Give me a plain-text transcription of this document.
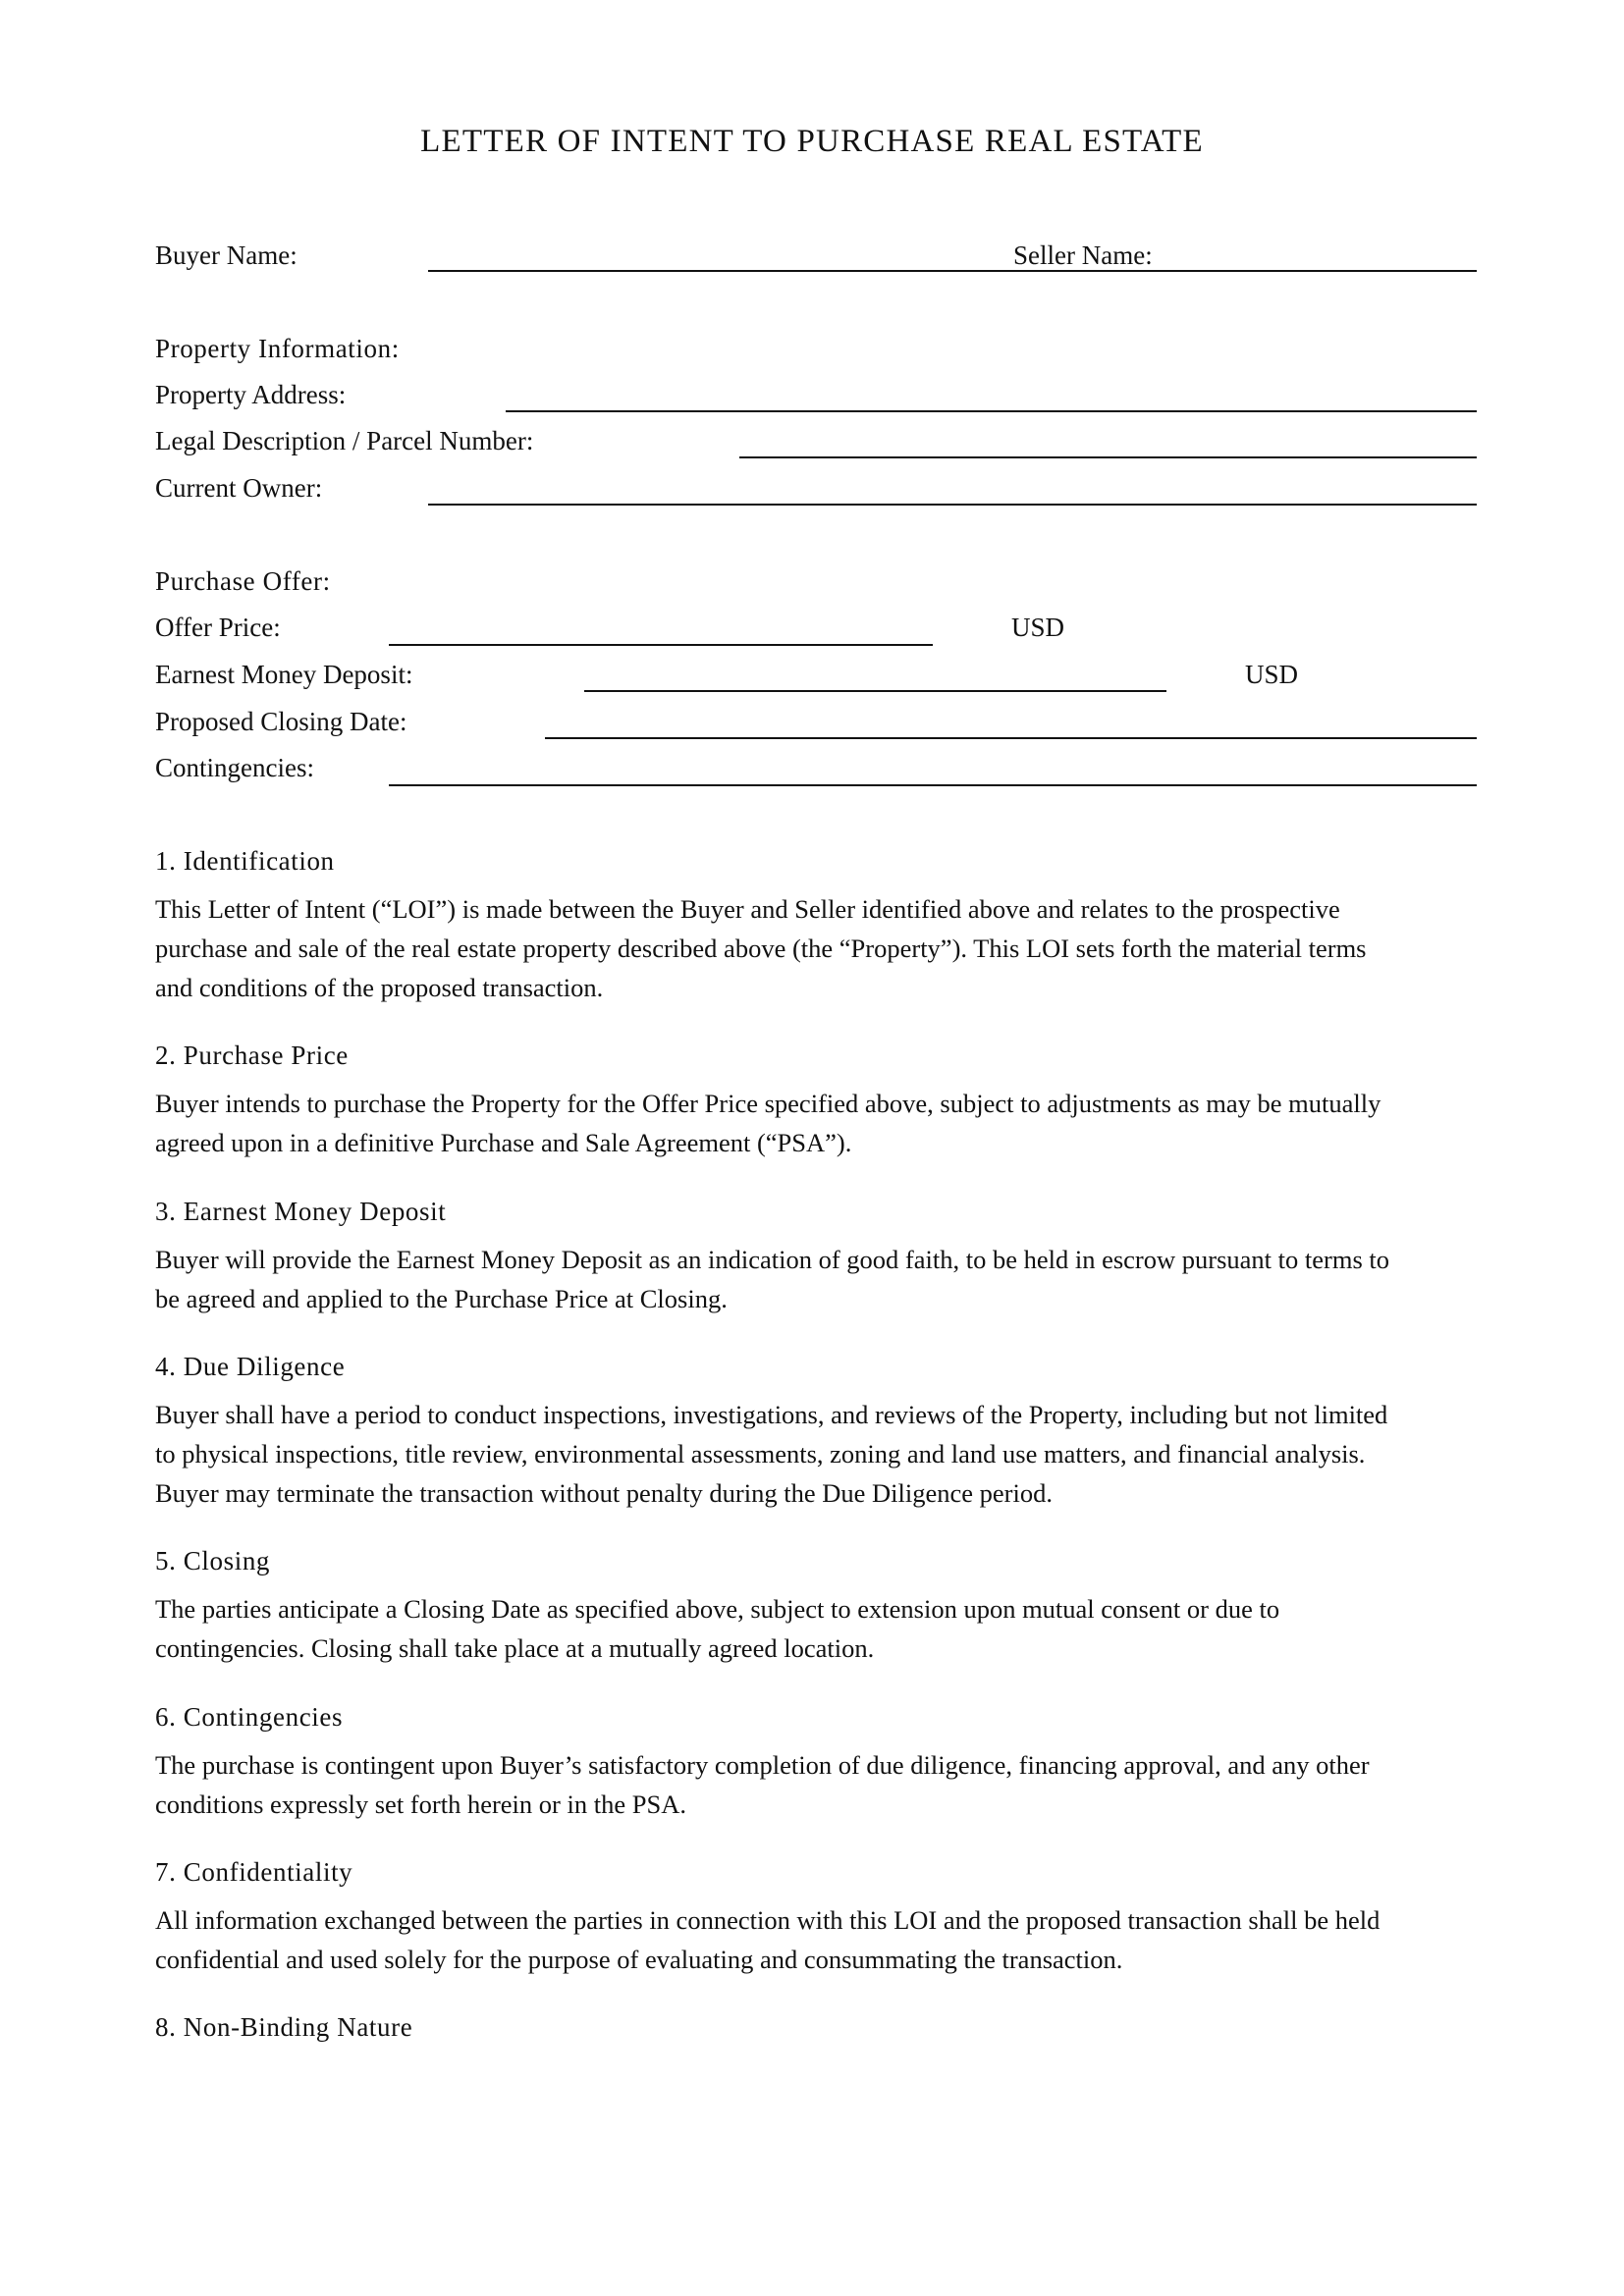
LETTER OF INTENT TO PURCHASE REAL ESTATE
Buyer Name:	Seller Name:
Property Information:
Property Address:
Legal Description / Parcel Number:
Current Owner:
Purchase Offer:
Offer Price:	USD
Earnest Money Deposit:	USD
Proposed Closing Date:
Contingencies:
1. Identification
This Letter of Intent (“LOI”) is made between the Buyer and Seller identified above and relates to the prospective
purchase and sale of the real estate property described above (the “Property”). This LOI sets forth the material terms
and conditions of the proposed transaction.
2. Purchase Price
Buyer intends to purchase the Property for the Offer Price specified above, subject to adjustments as may be mutually
agreed upon in a definitive Purchase and Sale Agreement (“PSA”).
3. Earnest Money Deposit
Buyer will provide the Earnest Money Deposit as an indication of good faith, to be held in escrow pursuant to terms to
be agreed and applied to the Purchase Price at Closing.
4. Due Diligence
Buyer shall have a period to conduct inspections, investigations, and reviews of the Property, including but not limited
to physical inspections, title review, environmental assessments, zoning and land use matters, and financial analysis.
Buyer may terminate the transaction without penalty during the Due Diligence period.
5. Closing
The parties anticipate a Closing Date as specified above, subject to extension upon mutual consent or due to
contingencies. Closing shall take place at a mutually agreed location.
6. Contingencies
The purchase is contingent upon Buyer’s satisfactory completion of due diligence, financing approval, and any other
conditions expressly set forth herein or in the PSA.
7. Confidentiality
All information exchanged between the parties in connection with this LOI and the proposed transaction shall be held
confidential and used solely for the purpose of evaluating and consummating the transaction.
8. Non-Binding Nature
